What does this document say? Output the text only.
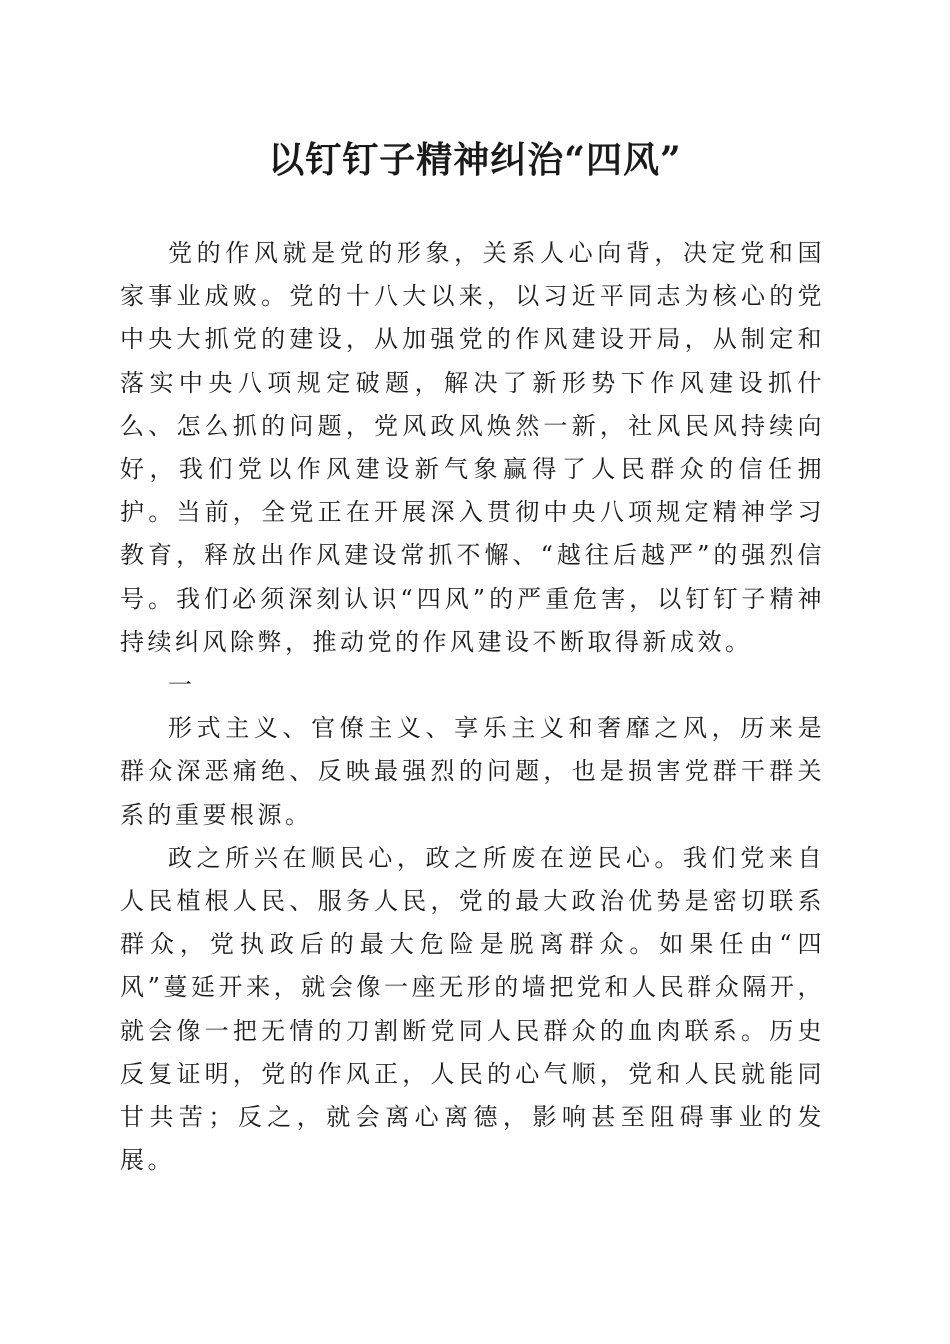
以钉钉子精神纠治“四风”

党的作风就是党的形象，关系人心向背，决定党和国家事业成败。党的十八大以来，以习近平同志为核心的党中央大抓党的建设，从加强党的作风建设开局，从制定和落实中央八项规定破题，解决了新形势下作风建设抓什么、怎么抓的问题，党风政风焕然一新，社风民风持续向好，我们党以作风建设新气象赢得了人民群众的信任拥护。当前，全党正在开展深入贯彻中央八项规定精神学习教育，释放出作风建设常抓不懈、“越往后越严”的强烈信号。我们必须深刻认识“四风”的严重危害，以钉钉子精神持续纠风除弊，推动党的作风建设不断取得新成效。

一

形式主义、官僚主义、享乐主义和奢靡之风，历来是群众深恶痛绝、反映最强烈的问题，也是损害党群干群关系的重要根源。

政之所兴在顺民心，政之所废在逆民心。我们党来自人民植根人民、服务人民，党的最大政治优势是密切联系群众，党执政后的最大危险是脱离群众。如果任由“四风”蔓延开来，就会像一座无形的墙把党和人民群众隔开，就会像一把无情的刀割断党同人民群众的血肉联系。历史反复证明，党的作风正，人民的心气顺，党和人民就能同甘共苦；反之，就会离心离德，影响甚至阻碍事业的发展。
